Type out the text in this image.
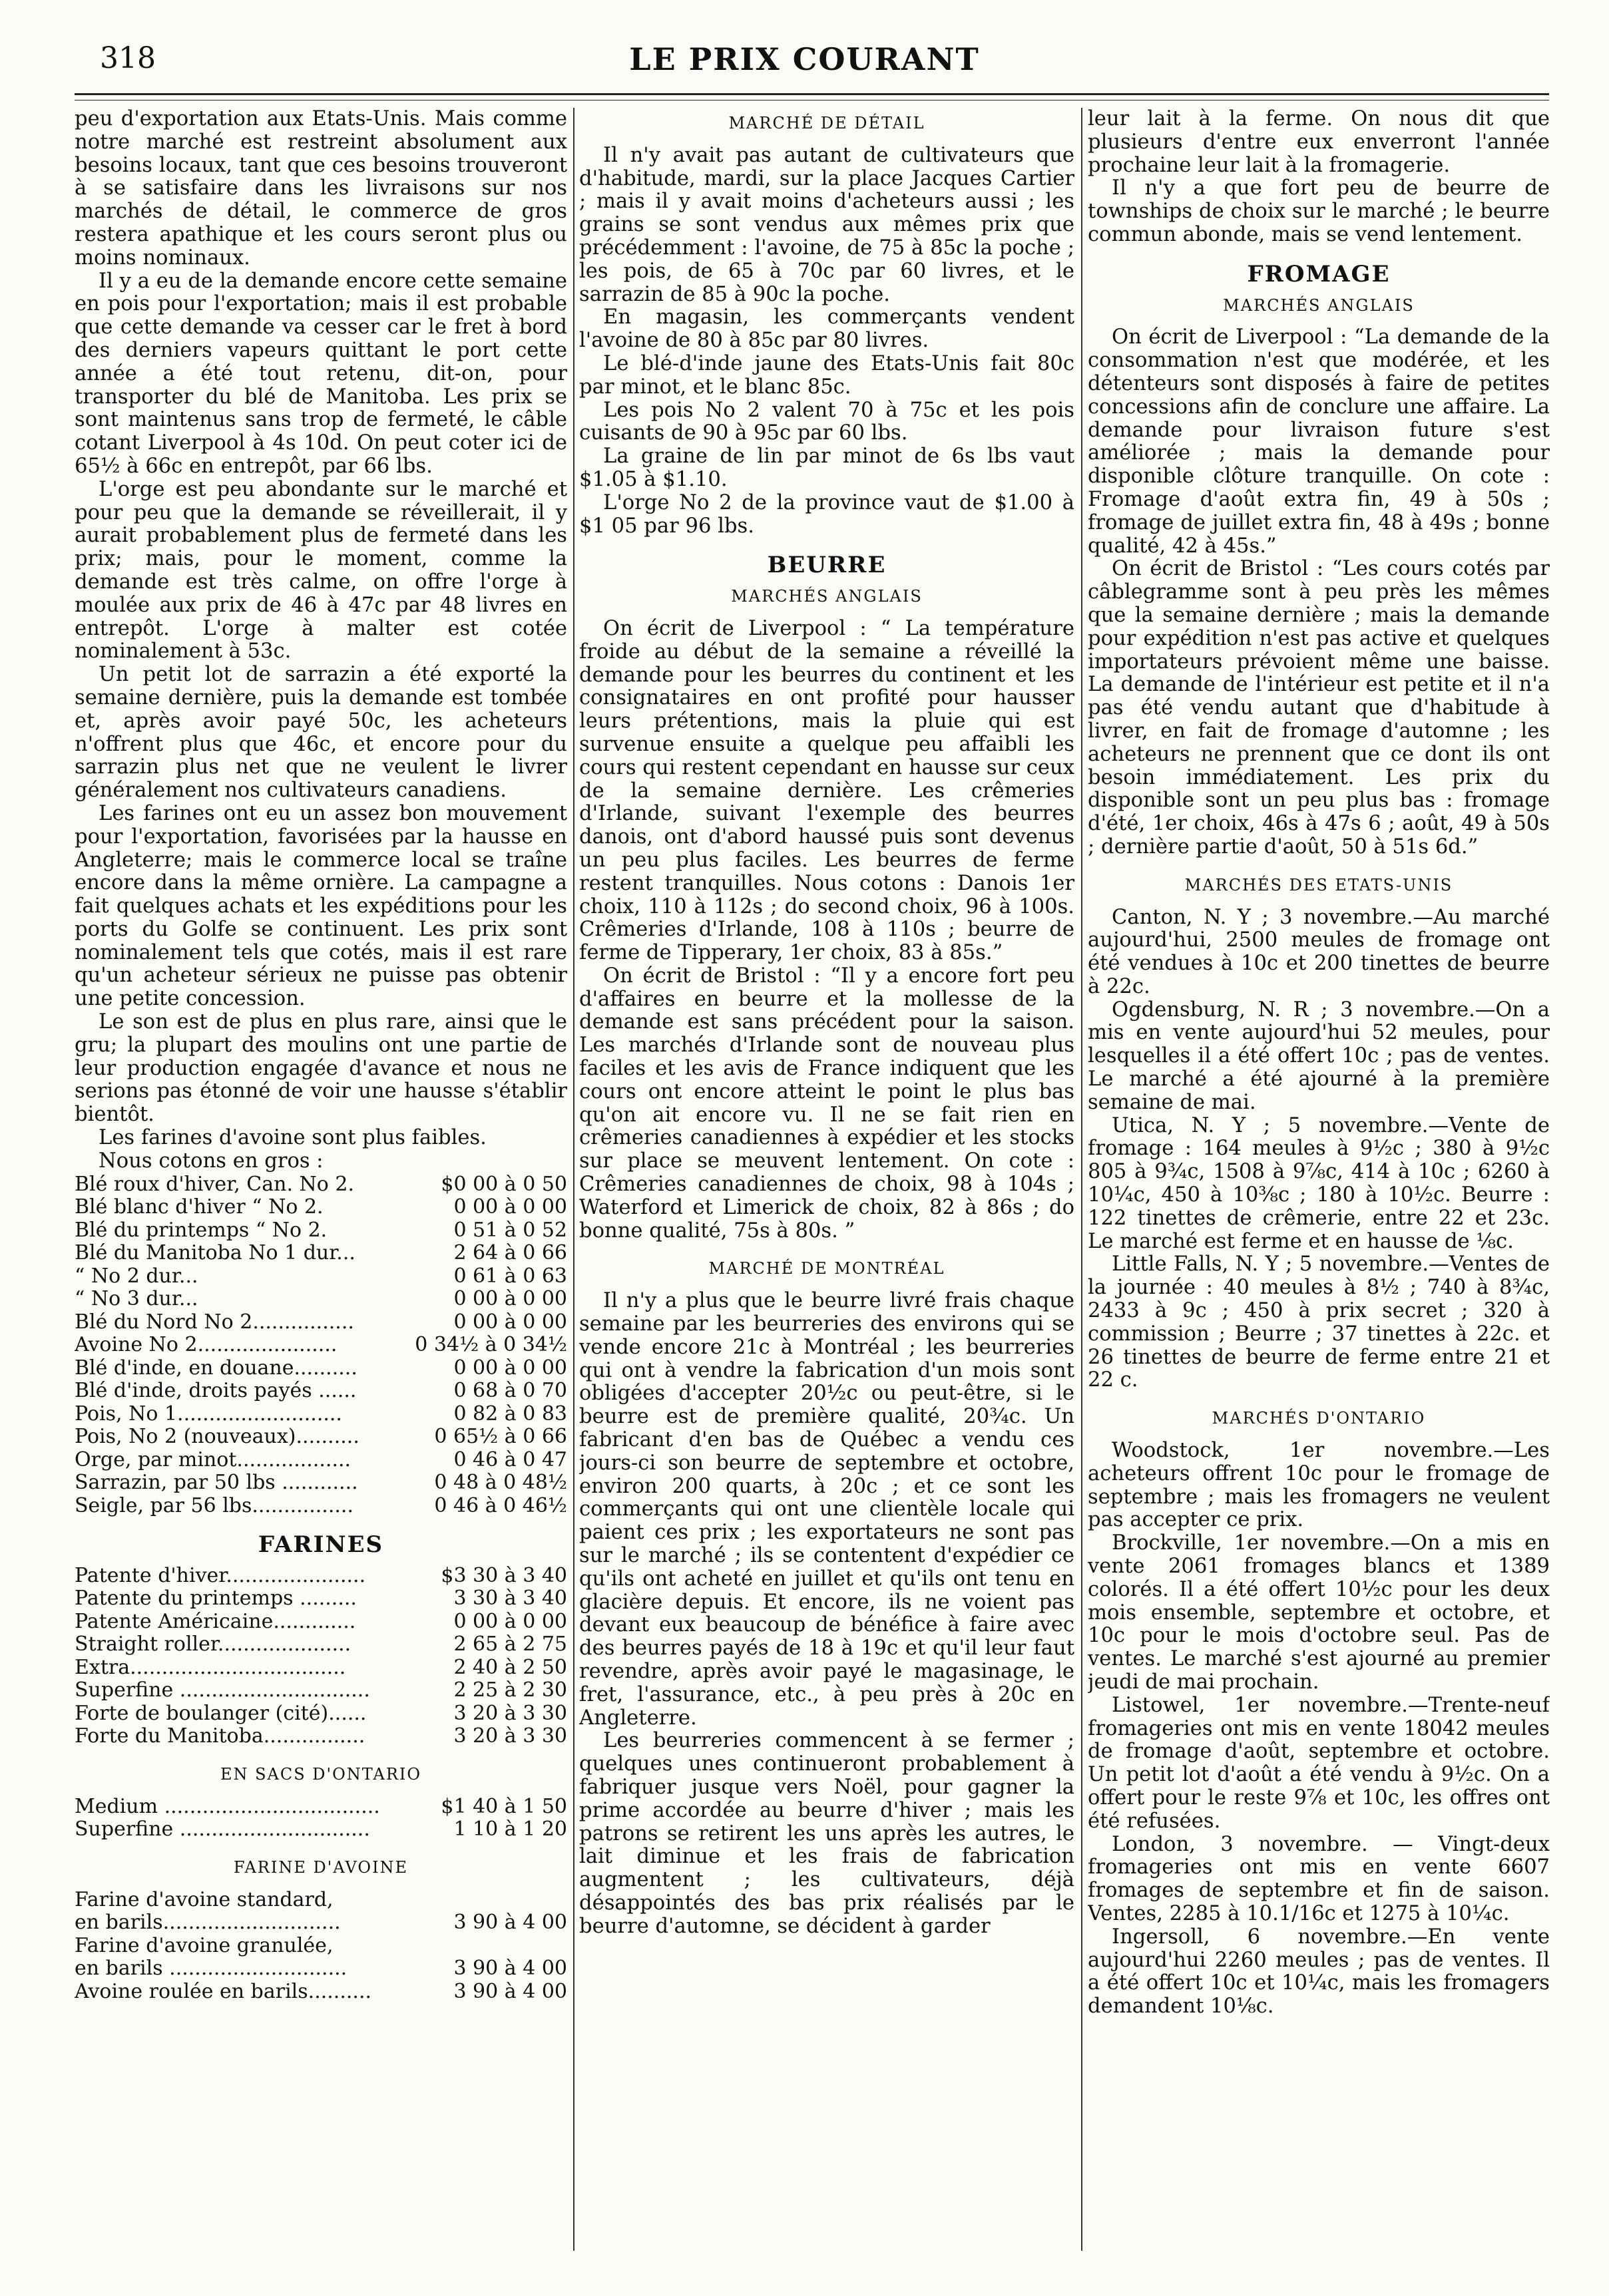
318	LE PRIX COURANT

peu d'exportation aux Etats-Unis. Mais comme notre marché est restreint absolument aux besoins locaux, tant que ces besoins trouveront à se satisfaire dans les livraisons sur nos marchés de détail, le commerce de gros restera apathique et les cours seront plus ou moins nominaux.

Il y a eu de la demande encore cette semaine en pois pour l'exportation; mais il est probable que cette demande va cesser car le fret à bord des derniers vapeurs quittant le port cette année a été tout retenu, dit-on, pour transporter du blé de Manitoba. Les prix se sont maintenus sans trop de fermeté, le câble cotant Liverpool à 4s 10d. On peut coter ici de 65½ à 66c en entrepôt, par 66 lbs.

L'orge est peu abondante sur le marché et pour peu que la demande se réveillerait, il y aurait probablement plus de fermeté dans les prix; mais, pour le moment, comme la demande est très calme, on offre l'orge à moulée aux prix de 46 à 47c par 48 livres en entrepôt. L'orge à malter est cotée nominalement à 53c.

Un petit lot de sarrazin a été exporté la semaine dernière, puis la demande est tombée et, après avoir payé 50c, les acheteurs n'offrent plus que 46c, et encore pour du sarrazin plus net que ne veulent le livrer généralement nos cultivateurs canadiens.

Les farines ont eu un assez bon mouvement pour l'exportation, favorisées par la hausse en Angleterre; mais le commerce local se traîne encore dans la même ornière. La campagne a fait quelques achats et les expéditions pour les ports du Golfe se continuent. Les prix sont nominalement tels que cotés, mais il est rare qu'un acheteur sérieux ne puisse pas obtenir une petite concession.

Le son est de plus en plus rare, ainsi que le gru; la plupart des moulins ont une partie de leur production engagée d'avance et nous ne serions pas étonné de voir une hausse s'établir bientôt.

Les farines d'avoine sont plus faibles.

Nous cotons en gros :

Blé roux d'hiver, Can. No 2.	$0 00 à 0 50
Blé blanc d'hiver “ No 2.	0 00 à 0 00
Blé du printemps “ No 2.	0 51 à 0 52
Blé du Manitoba No 1 dur...	2 64 à 0 66
“ No 2 dur...	0 61 à 0 63
“ No 3 dur...	0 00 à 0 00
Blé du Nord No 2................	0 00 à 0 00
Avoine No 2......................	0 34½ à 0 34½
Blé d'inde, en douane..........	0 00 à 0 00
Blé d'inde, droits payés ......	0 68 à 0 70
Pois, No 1..........................	0 82 à 0 83
Pois, No 2 (nouveaux)..........	0 65½ à 0 66
Orge, par minot..................	0 46 à 0 47
Sarrazin, par 50 lbs ............	0 48 à 0 48½
Seigle, par 56 lbs................	0 46 à 0 46½
FARINES
Patente d'hiver......................	$3 30 à 3 40
Patente du printemps .........	3 30 à 3 40
Patente Américaine.............	0 00 à 0 00
Straight roller.....................	2 65 à 2 75
Extra..................................	2 40 à 2 50
Superfine ..............................	2 25 à 2 30
Forte de boulanger (cité)......	3 20 à 3 30
Forte du Manitoba................	3 20 à 3 30
EN SACS D'ONTARIO
Medium ..................................	$1 40 à 1 50
Superfine ..............................	1 10 à 1 20
FARINE D'AVOINE
Farine d'avoine standard,	
en barils............................	3 90 à 4 00
Farine d'avoine granulée,	
en barils ............................	3 90 à 4 00
Avoine roulée en barils..........	3 90 à 4 00
MARCHÉ DE DÉTAIL

Il n'y avait pas autant de cultivateurs que d'habitude, mardi, sur la place Jacques Cartier ; mais il y avait moins d'acheteurs aussi ; les grains se sont vendus aux mêmes prix que précédemment : l'avoine, de 75 à 85c la poche ; les pois, de 65 à 70c par 60 livres, et le sarrazin de 85 à 90c la poche.

En magasin, les commerçants vendent l'avoine de 80 à 85c par 80 livres.

Le blé-d'inde jaune des Etats-Unis fait 80c par minot, et le blanc 85c.

Les pois No 2 valent 70 à 75c et les pois cuisants de 90 à 95c par 60 lbs.

La graine de lin par minot de 6s lbs vaut $1.05 à $1.10.

L'orge No 2 de la province vaut de $1.00 à $1 05 par 96 lbs.

BEURRE
MARCHÉS ANGLAIS

On écrit de Liverpool : “ La température froide au début de la semaine a réveillé la demande pour les beurres du continent et les consignataires en ont profité pour hausser leurs prétentions, mais la pluie qui est survenue ensuite a quelque peu affaibli les cours qui restent cependant en hausse sur ceux de la semaine dernière. Les crêmeries d'Irlande, suivant l'exemple des beurres danois, ont d'abord haussé puis sont devenus un peu plus faciles. Les beurres de ferme restent tranquilles. Nous cotons : Danois 1er choix, 110 à 112s ; do second choix, 96 à 100s. Crêmeries d'Irlande, 108 à 110s ; beurre de ferme de Tipperary, 1er choix, 83 à 85s.”

On écrit de Bristol : “Il y a encore fort peu d'affaires en beurre et la mollesse de la demande est sans précédent pour la saison. Les marchés d'Irlande sont de nouveau plus faciles et les avis de France indiquent que les cours ont encore atteint le point le plus bas qu'on ait encore vu. Il ne se fait rien en crêmeries canadiennes à expédier et les stocks sur place se meuvent lentement. On cote : Crêmeries canadiennes de choix, 98 à 104s ; Waterford et Limerick de choix, 82 à 86s ; do bonne qualité, 75s à 80s. ”

MARCHÉ DE MONTRÉAL

Il n'y a plus que le beurre livré frais chaque semaine par les beurreries des environs qui se vende encore 21c à Montréal ; les beurreries qui ont à vendre la fabrication d'un mois sont obligées d'accepter 20½c ou peut-être, si le beurre est de première qualité, 20¾c. Un fabricant d'en bas de Québec a vendu ces jours-ci son beurre de septembre et octobre, environ 200 quarts, à 20c ; et ce sont les commerçants qui ont une clientèle locale qui paient ces prix ; les exportateurs ne sont pas sur le marché ; ils se contentent d'expédier ce qu'ils ont acheté en juillet et qu'ils ont tenu en glacière depuis. Et encore, ils ne voient pas devant eux beaucoup de bénéfice à faire avec des beurres payés de 18 à 19c et qu'il leur faut revendre, après avoir payé le magasinage, le fret, l'assurance, etc., à peu près à 20c en Angleterre.

Les beurreries commencent à se fermer ; quelques unes continueront probablement à fabriquer jusque vers Noël, pour gagner la prime accordée au beurre d'hiver ; mais les patrons se retirent les uns après les autres, le lait diminue et les frais de fabrication augmentent ; les cultivateurs, déjà désappointés des bas prix réalisés par le beurre d'automne, se décident à garder

leur lait à la ferme. On nous dit que plusieurs d'entre eux enverront l'année prochaine leur lait à la fromagerie.

Il n'y a que fort peu de beurre de townships de choix sur le marché ; le beurre commun abonde, mais se vend lentement.

FROMAGE
MARCHÉS ANGLAIS

On écrit de Liverpool : “La demande de la consommation n'est que modérée, et les détenteurs sont disposés à faire de petites concessions afin de conclure une affaire. La demande pour livraison future s'est améliorée ; mais la demande pour disponible clôture tranquille. On cote : Fromage d'août extra fin, 49 à 50s ; fromage de juillet extra fin, 48 à 49s ; bonne qualité, 42 à 45s.”

On écrit de Bristol : “Les cours cotés par câblegramme sont à peu près les mêmes que la semaine dernière ; mais la demande pour expédition n'est pas active et quelques importateurs prévoient même une baisse. La demande de l'intérieur est petite et il n'a pas été vendu autant que d'habitude à livrer, en fait de fromage d'automne ; les acheteurs ne prennent que ce dont ils ont besoin immédiatement. Les prix du disponible sont un peu plus bas : fromage d'été, 1er choix, 46s à 47s 6 ; août, 49 à 50s ; dernière partie d'août, 50 à 51s 6d.”

MARCHÉS DES ETATS-UNIS

Canton, N. Y ; 3 novembre.—Au marché aujourd'hui, 2500 meules de fromage ont été vendues à 10c et 200 tinettes de beurre à 22c.

Ogdensburg, N. R ; 3 novembre.—On a mis en vente aujourd'hui 52 meules, pour lesquelles il a été offert 10c ; pas de ventes. Le marché a été ajourné à la première semaine de mai.

Utica, N. Y ; 5 novembre.—Vente de fromage : 164 meules à 9½c ; 380 à 9½c 805 à 9¾c, 1508 à 9⅞c, 414 à 10c ; 6260 à 10¼c, 450 à 10⅜c ; 180 à 10½c. Beurre : 122 tinettes de crêmerie, entre 22 et 23c. Le marché est ferme et en hausse de ⅛c.

Little Falls, N. Y ; 5 novembre.—Ventes de la journée : 40 meules à 8½ ; 740 à 8¾c, 2433 à 9c ; 450 à prix secret ; 320 à commission ; Beurre ; 37 tinettes à 22c. et 26 tinettes de beurre de ferme entre 21 et 22 c.

MARCHÉS D'ONTARIO

Woodstock, 1er novembre.—Les acheteurs offrent 10c pour le fromage de septembre ; mais les fromagers ne veulent pas accepter ce prix.

Brockville, 1er novembre.—On a mis en vente 2061 fromages blancs et 1389 colorés. Il a été offert 10½c pour les deux mois ensemble, septembre et octobre, et 10c pour le mois d'octobre seul. Pas de ventes. Le marché s'est ajourné au premier jeudi de mai prochain.

Listowel, 1er novembre.—Trente-neuf fromageries ont mis en vente 18042 meules de fromage d'août, septembre et octobre. Un petit lot d'août a été vendu à 9½c. On a offert pour le reste 9⅞ et 10c, les offres ont été refusées.

London, 3 novembre. — Vingt-deux fromageries ont mis en vente 6607 fromages de septembre et fin de saison. Ventes, 2285 à 10.1/16c et 1275 à 10¼c.

Ingersoll, 6 novembre.—En vente aujourd'hui 2260 meules ; pas de ventes. Il a été offert 10c et 10¼c, mais les fromagers demandent 10⅛c.
